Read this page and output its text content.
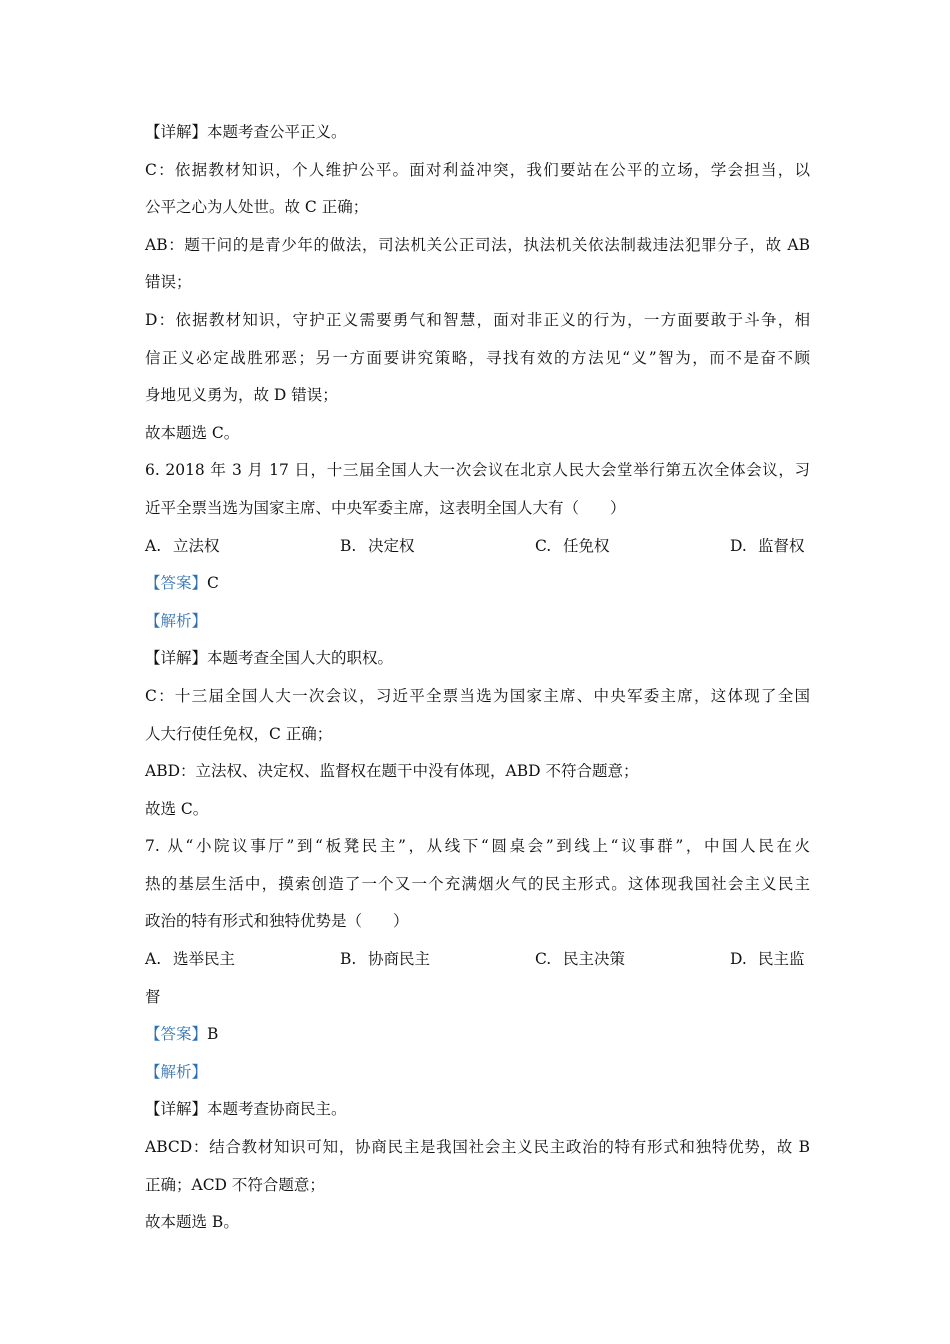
【详解】本题考查公平正义。
C：依据教材知识，个人维护公平。面对利益冲突，我们要站在公平的立场，学会担当，以
公平之心为人处世。故 C 正确；
AB：题干问的是青少年的做法，司法机关公正司法，执法机关依法制裁违法犯罪分子，故 AB
错误；
D：依据教材知识，守护正义需要勇气和智慧，面对非正义的行为，一方面要敢于斗争，相
信正义必定战胜邪恶；另一方面要讲究策略，寻找有效的方法见“义”智为，而不是奋不顾
身地见义勇为，故 D 错误；
故本题选 C。
6. 2018 年 3 月 17 日，十三届全国人大一次会议在北京人民大会堂举行第五次全体会议，习
近平全票当选为国家主席、中央军委主席，这表明全国人大有（　　）
A. 立法权	B. 决定权	C. 任免权	D. 监督权
【答案】C
【解析】
【详解】本题考查全国人大的职权。
C：十三届全国人大一次会议，习近平全票当选为国家主席、中央军委主席，这体现了全国
人大行使任免权，C 正确；
ABD：立法权、决定权、监督权在题干中没有体现，ABD 不符合题意；
故选 C。
7. 从“小院议事厅”到“板凳民主”，从线下“圆桌会”到线上“议事群”，中国人民在火
热的基层生活中，摸索创造了一个又一个充满烟火气的民主形式。这体现我国社会主义民主
政治的特有形式和独特优势是（　　）
A. 选举民主	B. 协商民主	C. 民主决策	D. 民主监
督
【答案】B
【解析】
【详解】本题考查协商民主。
ABCD：结合教材知识可知，协商民主是我国社会主义民主政治的特有形式和独特优势，故 B
正确；ACD 不符合题意；
故本题选 B。
